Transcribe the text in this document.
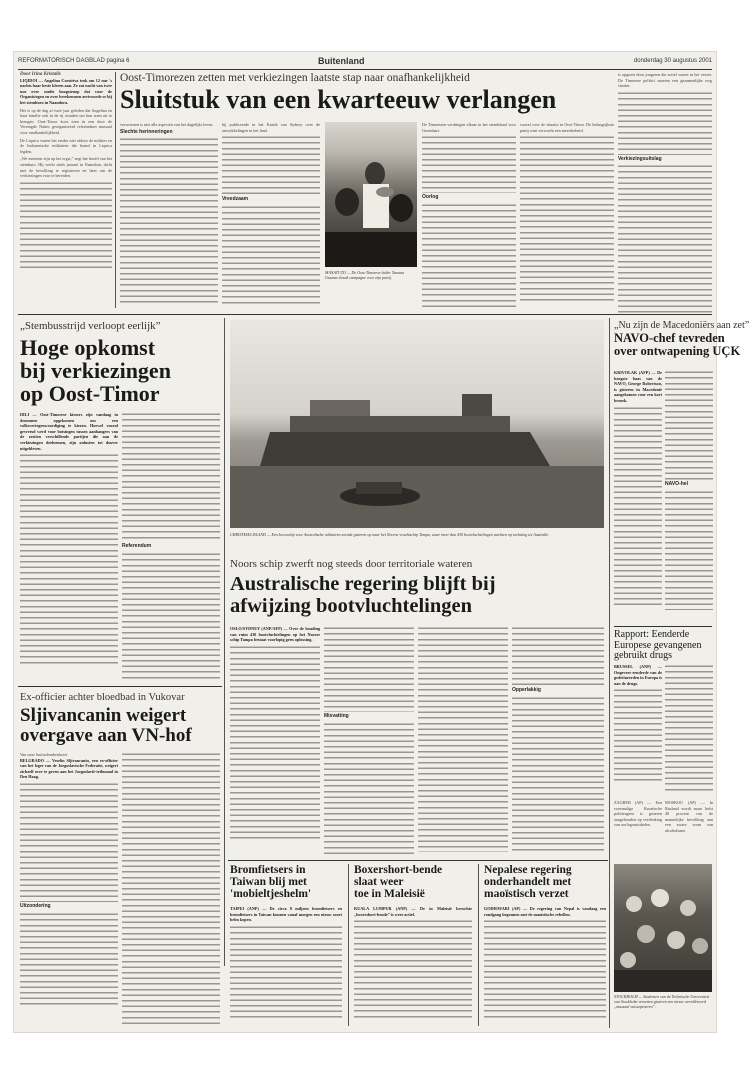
REFORMATORISCH DAGBLAD pagina 6	Buitenland	donderdag 30 augustus 2001
Door Irina Kristalis

LIQIDOI — Angelina Corsiriva trok om 12 uur 's nachts haar beste kleren aan. Ze zat nacht van twee uur over stadie hoogstenop dat voor de Organistegen en over berekenmen arrivoorde se bij het stemburo in Naandora.

Het is op de dag af twee jaar geleden dat Angelina en haar familie ook in de rij stonden om hun stem uit te brengen. Oost-Timor koos toen in een door de Verenigde Naties georganiseerd referendum massaal voor onafhankelijkheid.

De Liquica waren het eerder niet afdoor de milities en de Indonesische militairen die brand in Liquica legden.

„We moesten zijn op het ergst,” zegt het hoofd van het stemburo. Hij werkt sinds januari in Naandora, dicht niet de bevolking te registreren en later om de verkiezingen voor te bereiden.

Oost-Timorezen zetten met verkiezingen laatste stap naar onafhankelijkheid
Sluitstuk van een kwarteeuw verlangen

verwoesten is niet alle aspecten van het dagelijks leven.

Slechte herinneringen

hij publiceerde in het Kruidt van Sydney over de ontwikkelingen in het land.

Vreedzaam
MANATUTO — De Oost-Timorese leider Xanana Gusmao houdt campagne voor zijn partij.

De Timorezen verdringen elkaar in het stemlokaal voor Groenhart.

Oorlog

vooraf over de situatie in Oost-Timor. De belangrijkste partij wint verwacht een meerderheid.

is opgezet door jongeren die actief waren in het verzet. De Timorese politici moeten een gezamenlijke weg vinden.

Verkiezingsuitslag
„Stembusstrijd verloopt eerlijk”
Hoge opkomst
bij verkiezingen
op Oost-Timor

DILI — Oost-Timorese kiezers zijn vandaag in drommen opgekomen om een volksvertegenwoordiging te kiezen. Hoewel vooraf gevreesd werd voor botsingen tussen aanhangers van de zestien verschillende partijen die aan de verkiezingen deelnemen, zijn onlusten tot dusver uitgebleven.

Referendum
CHRISTMAS ISLAND — Een boorschip voor Australische militairen zoende gisteren op naar het Noorse vrachtschip Tampa, waar meer dan 430 bootvluchtelingen wachten op toelating tot Australië.
Noors schip zwerft nog steeds door territoriale wateren
Australische regering blijft bij
afwijzing bootvluchtelingen

OSLO/SYDNEY (ANP/AFP) — Over de houding van ruim 430 bootvluchtelingen op het Noorse schip Tampa bestaat voorlopig geen oplossing.

Misvatting
Opperlakkig
„Nu zijn de Macedoniërs aan zet”
NAVO-chef tevreden
over ontwapening UÇK

KRIVOLAK (AFP) — De hoogste baas van de NAVO, George Robertson, is gisteren in Macedonië aangekomen voor een kort bezoek.

NAVO-hel
Rapport: Eenderde Europese gevangenen gebruikt drugs

BRUSSEL (ANP) — Ongeveer eenderde van de gedetineerden in Europa is aan de drugs.

ZAGREB (AP) — Een voormalige Kroatische politieagent is gisteren aangehouden op verdenking van oorlogsmisdaden.

MOSKOU (AP) — In Rusland wordt maar liefst 40 procent van de mannelijke bevolking aan een zware vorm van alcoholisme.

STOCKHOLM — Studenten van de Technische Universiteit van Stockholm verzetten gisteren een nieuw wereldrecord „massaal vuistopeneren”.
Ex-officier achter bloedbad in Vukovar
Sljivancanin weigert
overgave aan VN-hof
Van onze buitenlandredactie

BELGRADO — Veselin Sljivancanin, een ex-officier van het leger van de Joegoslavische Federatie, weigert zichzelf over te geven aan het Joegoslavië-tribunaal in Den Haag.

Uitzondering
Bromfietsers in
Taiwan blij met
'mobieltjeshelm'

TAIPEI (ANP) — De circa 8 miljoen bromfietsers en bromfietsers in Taiwan kunnen vanaf morgen een nieuw soort helm kopen.

Boxershort-bende
slaat weer
toe in Maleisië

KUALA LUMPUR (ANP) — De in Maleisië beruchte „boxershort-bende” is weer actief.

Nepalese regering
onderhandelt met
maoïstisch verzet

GODHAVARI (AP) — De regering van Nepal is vandaag een rondgang begonnen met de maoïstische rebellen.
